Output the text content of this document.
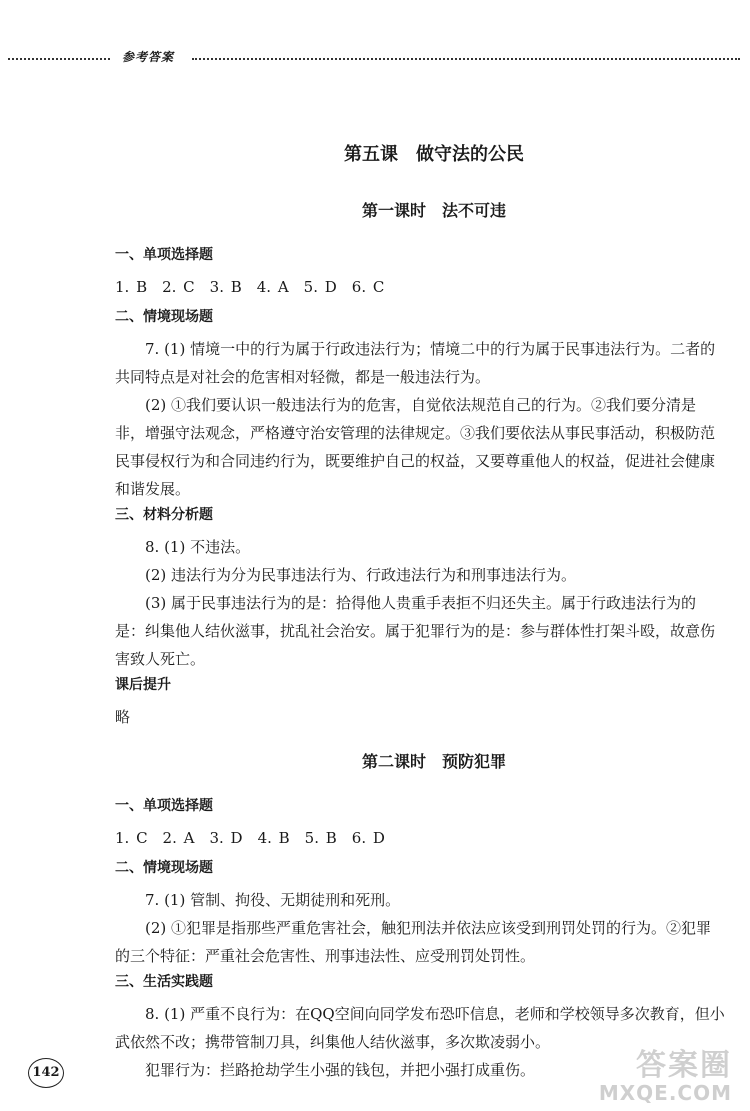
参考答案
第五课　做守法的公民
第一课时　法不可违
一、单项选择题
1. B　2. C　3. B　4. A　5. D　6. C
二、情境现场题

7. (1) 情境一中的行为属于行政违法行为；情境二中的行为属于民事违法行为。二者的共同特点是对社会的危害相对轻微，都是一般违法行为。

(2) ①我们要认识一般违法行为的危害，自觉依法规范自己的行为。②我们要分清是非，增强守法观念，严格遵守治安管理的法律规定。③我们要依法从事民事活动，积极防范民事侵权行为和合同违约行为，既要维护自己的权益，又要尊重他人的权益，促进社会健康和谐发展。

三、材料分析题

8. (1) 不违法。

(2) 违法行为分为民事违法行为、行政违法行为和刑事违法行为。

(3) 属于民事违法行为的是：拾得他人贵重手表拒不归还失主。属于行政违法行为的是：纠集他人结伙滋事，扰乱社会治安。属于犯罪行为的是：参与群体性打架斗殴，故意伤害致人死亡。

课后提升

略

第二课时　预防犯罪
一、单项选择题
1. C　2. A　3. D　4. B　5. B　6. D
二、情境现场题

7. (1) 管制、拘役、无期徒刑和死刑。

(2) ①犯罪是指那些严重危害社会，触犯刑法并依法应该受到刑罚处罚的行为。②犯罪的三个特征：严重社会危害性、刑事违法性、应受刑罚处罚性。

三、生活实践题

8. (1) 严重不良行为：在QQ空间向同学发布恐吓信息，老师和学校领导多次教育，但小武依然不改；携带管制刀具，纠集他人结伙滋事，多次欺凌弱小。

犯罪行为：拦路抢劫学生小强的钱包，并把小强打成重伤。

142	答案圈
MXQE.COM
